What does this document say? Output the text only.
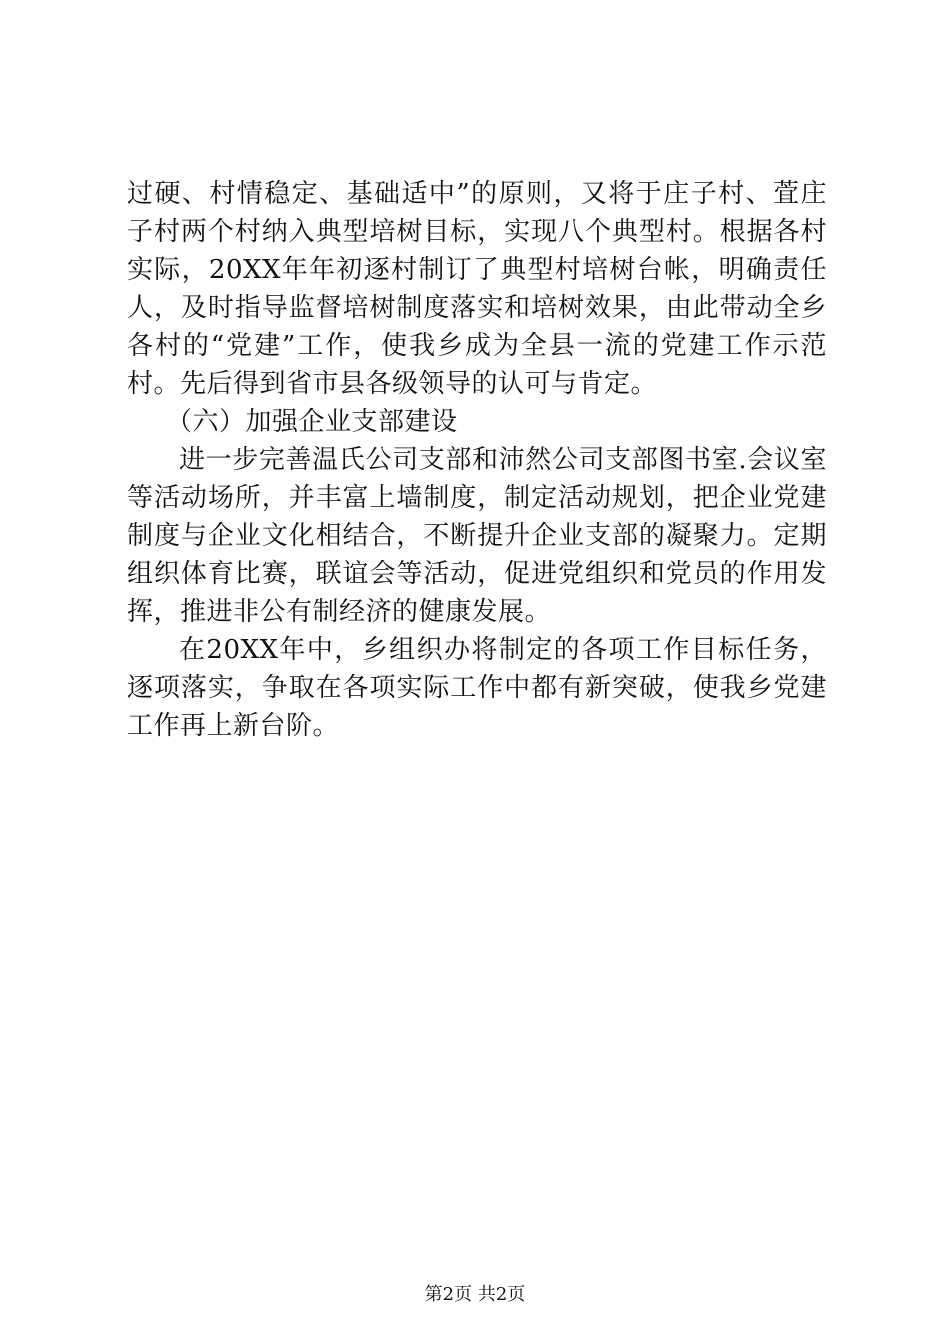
过硬、村情稳定、基础适中”的原则，又将于庄子村、萓庄子村两个村纳入典型培树目标，实现八个典型村。根据各村实际，20XX年年初逐村制订了典型村培树台帐，明确责任人，及时指导监督培树制度落实和培树效果，由此带动全乡各村的“党建”工作，使我乡成为全县一流的党建工作示范村。先后得到省市县各级领导的认可与肯定。

（六）加强企业支部建设

进一步完善温氏公司支部和沛然公司支部图书室.会议室等活动场所，并丰富上墙制度，制定活动规划，把企业党建制度与企业文化相结合，不断提升企业支部的凝聚力。定期组织体育比赛，联谊会等活动，促进党组织和党员的作用发挥，推进非公有制经济的健康发展。

在20XX年中，乡组织办将制定的各项工作目标任务，逐项落实，争取在各项实际工作中都有新突破，使我乡党建工作再上新台阶。

第2页 共2页
